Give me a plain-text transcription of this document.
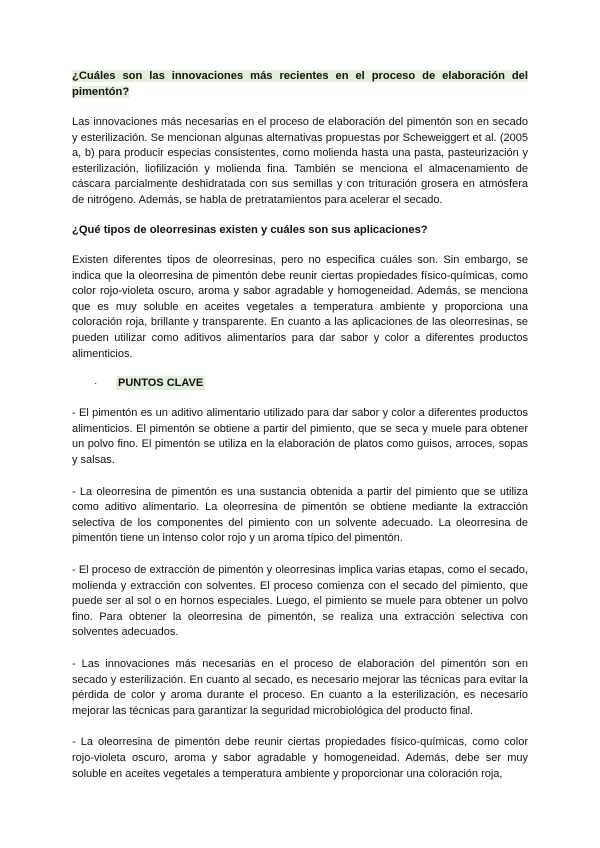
¿Cuáles son las innovaciones más recientes en el proceso de elaboración del pimentón?

Las innovaciones más necesarias en el proceso de elaboración del pimentón son en secado y esterilización. Se mencionan algunas alternativas propuestas por Scheweiggert et al. (2005 a, b) para producir especias consistentes, como molienda hasta una pasta, pasteurización y esterilización, liofilización y molienda fina. También se menciona el almacenamiento de cáscara parcialmente deshidratada con sus semillas y con trituración grosera en atmósfera de nitrógeno. Además, se habla de pretratamientos para acelerar el secado.

¿Qué tipos de oleorresinas existen y cuáles son sus aplicaciones?

Existen diferentes tipos de oleorresinas, pero no especifica cuáles son. Sin embargo, se indica que la oleorresina de pimentón debe reunir ciertas propiedades físico-químicas, como color rojo-violeta oscuro, aroma y sabor agradable y homogeneidad. Además, se menciona que es muy soluble en aceites vegetales a temperatura ambiente y proporciona una coloración roja, brillante y transparente. En cuanto a las aplicaciones de las oleorresinas, se pueden utilizar como aditivos alimentarios para dar sabor y color a diferentes productos alimenticios.

·	PUNTOS CLAVE

- El pimentón es un aditivo alimentario utilizado para dar sabor y color a diferentes productos alimenticios. El pimentón se obtiene a partir del pimiento, que se seca y muele para obtener un polvo fino. El pimentón se utiliza en la elaboración de platos como guisos, arroces, sopas y salsas.

- La oleorresina de pimentón es una sustancia obtenida a partir del pimiento que se utiliza como aditivo alimentario. La oleorresina de pimentón se obtiene mediante la extracción selectiva de los componentes del pimiento con un solvente adecuado. La oleorresina de pimentón tiene un intenso color rojo y un aroma típico del pimentón.

- El proceso de extracción de pimentón y oleorresinas implica varias etapas, como el secado, molienda y extracción con solventes. El proceso comienza con el secado del pimiento, que puede ser al sol o en hornos especiales. Luego, el pimiento se muele para obtener un polvo fino. Para obtener la oleorresina de pimentón, se realiza una extracción selectiva con solventes adecuados.

- Las innovaciones más necesarias en el proceso de elaboración del pimentón son en secado y esterilización. En cuanto al secado, es necesario mejorar las técnicas para evitar la pérdida de color y aroma durante el proceso. En cuanto a la esterilización, es necesario mejorar las técnicas para garantizar la seguridad microbiológica del producto final.

- La oleorresina de pimentón debe reunir ciertas propiedades físico-químicas, como color rojo-violeta oscuro, aroma y sabor agradable y homogeneidad. Además, debe ser muy soluble en aceites vegetales a temperatura ambiente y proporcionar una coloración roja,
